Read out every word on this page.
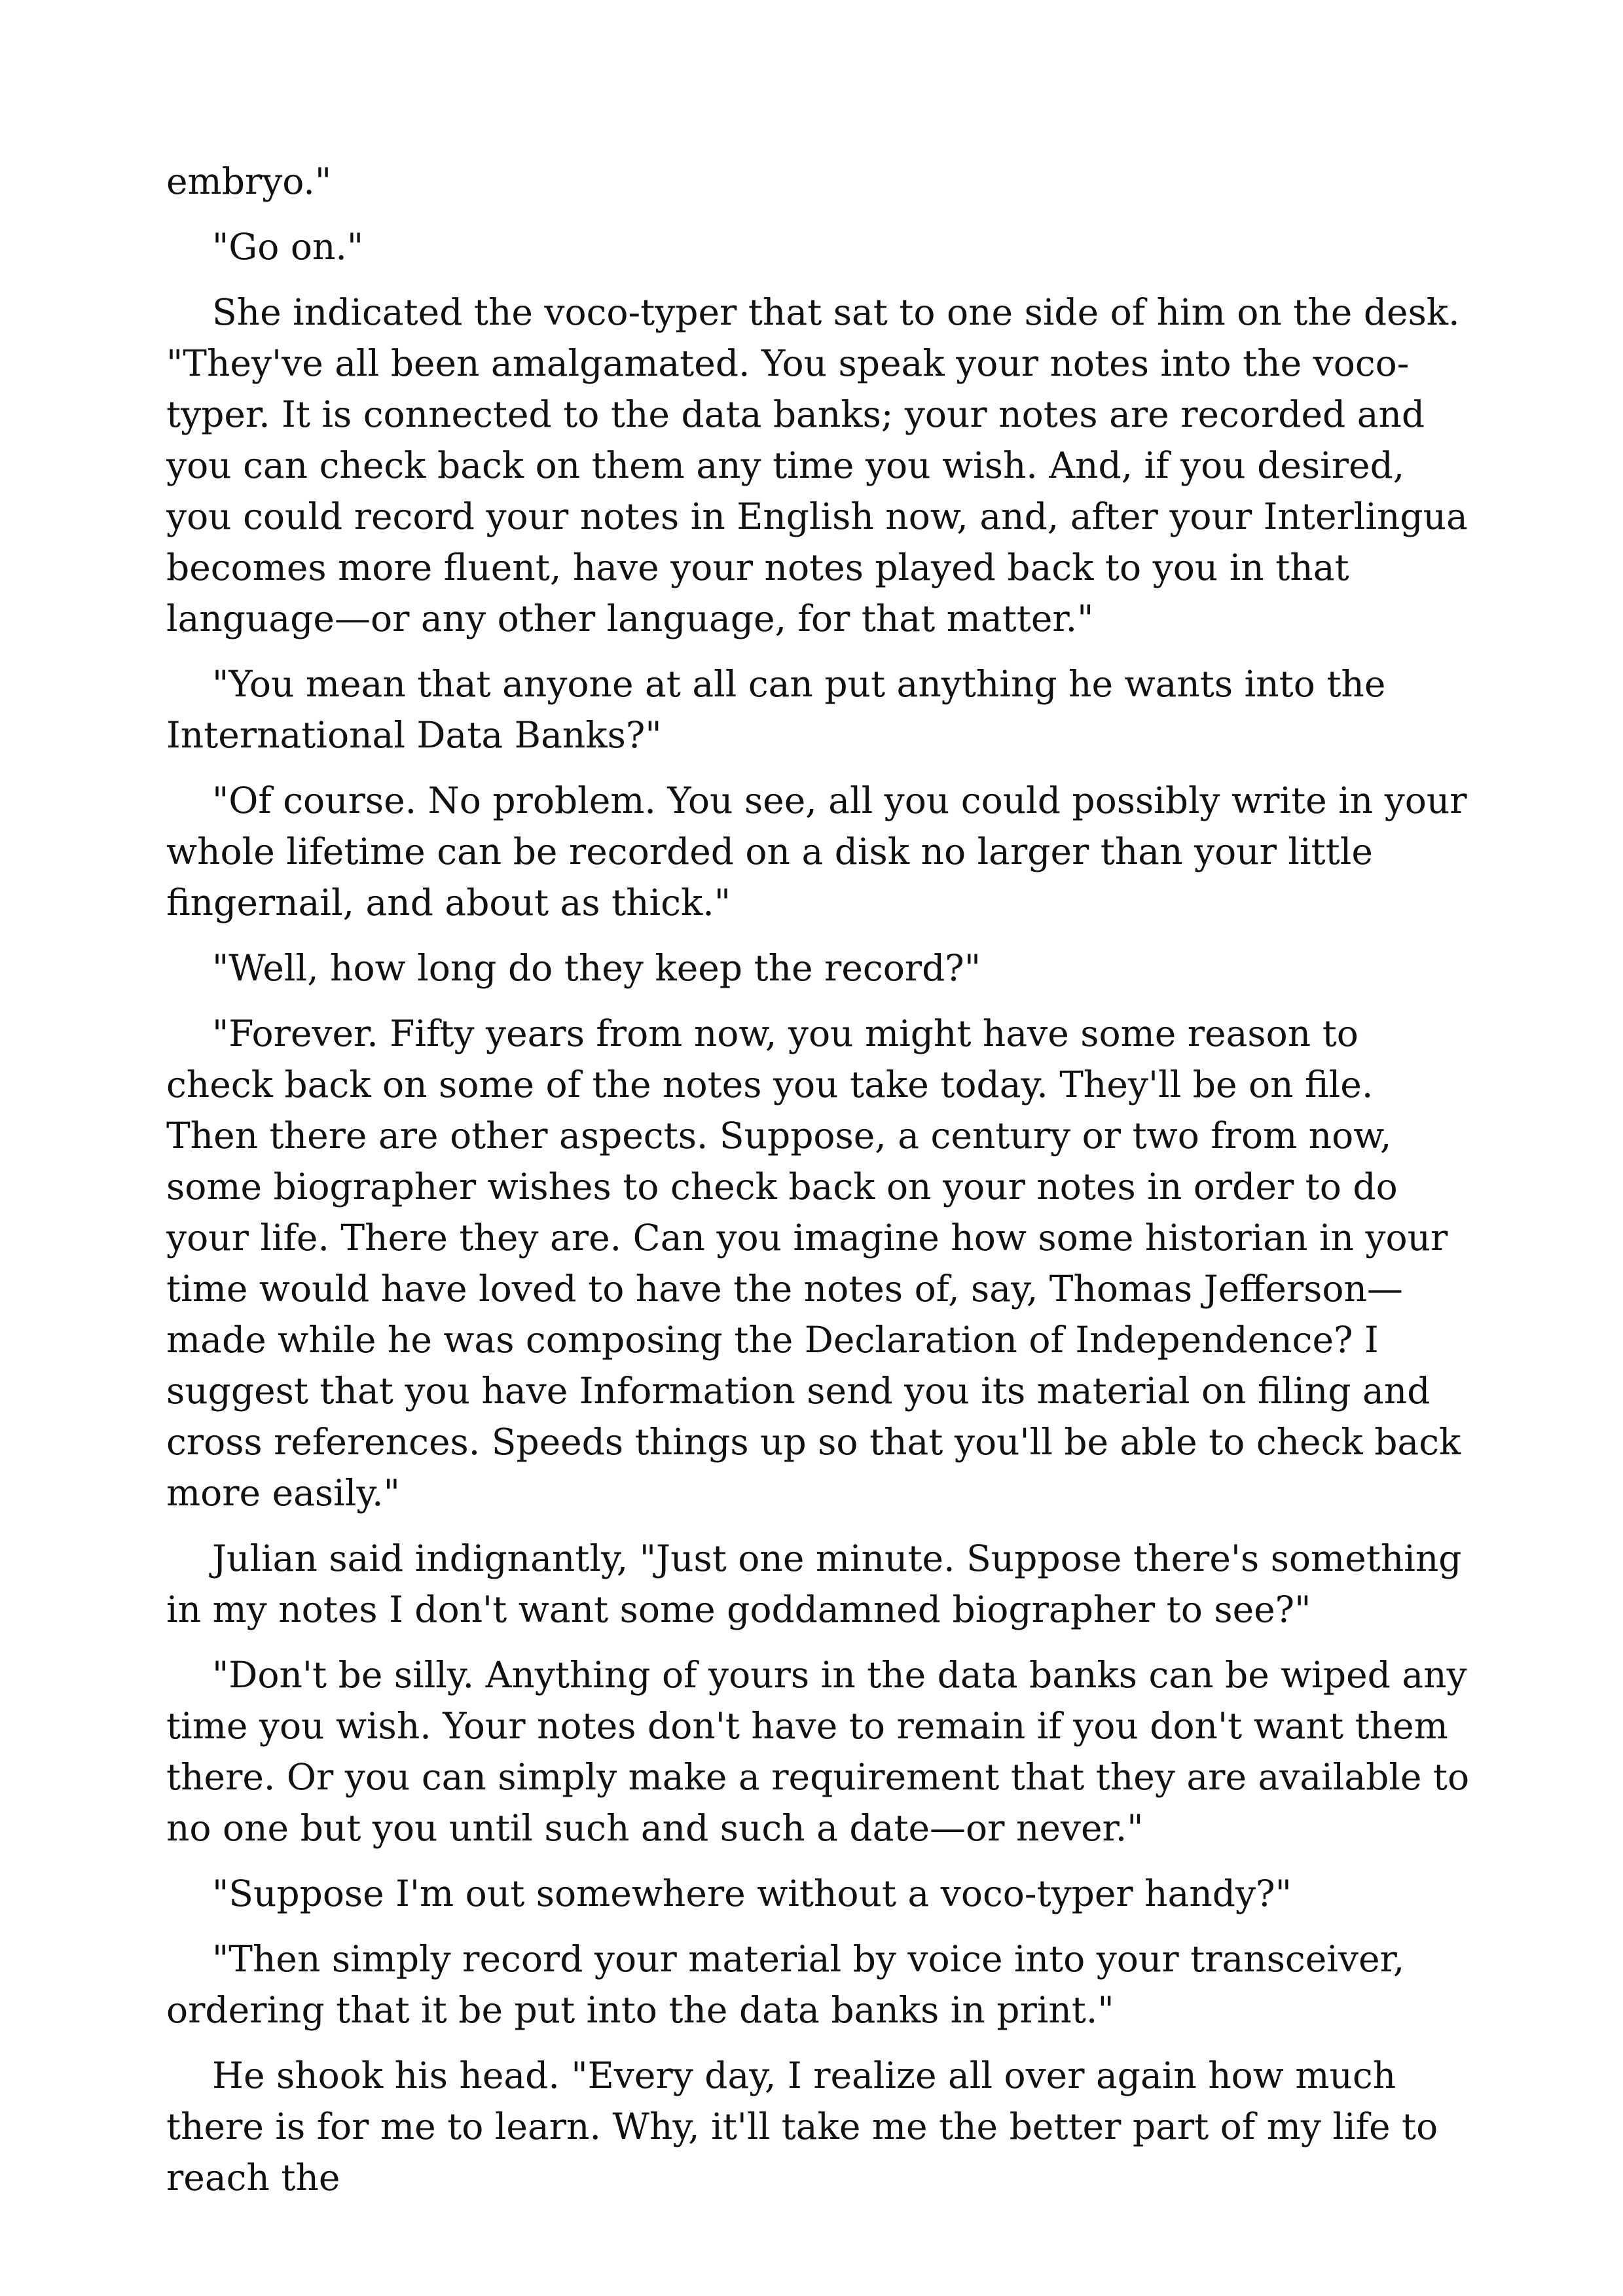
embryo."

"Go on."

She indicated the voco-typer that sat to one side of him on the desk. "They've all been amalgamated. You speak your notes into the voco-typer. It is connected to the data banks; your notes are recorded and you can check back on them any time you wish. And, if you desired, you could record your notes in English now, and, after your Interlingua becomes more fluent, have your notes played back to you in that language—or any other language, for that matter."

"You mean that anyone at all can put anything he wants into the International Data Banks?"

"Of course. No problem. You see, all you could possibly write in your whole lifetime can be recorded on a disk no larger than your little fingernail, and about as thick."

"Well, how long do they keep the record?"

"Forever. Fifty years from now, you might have some reason to check back on some of the notes you take today. They'll be on file. Then there are other aspects. Suppose, a century or two from now, some biographer wishes to check back on your notes in order to do your life. There they are. Can you imagine how some historian in your time would have loved to have the notes of, say, Thomas Jefferson—made while he was composing the Declaration of Independence? I suggest that you have Information send you its material on filing and cross references. Speeds things up so that you'll be able to check back more easily."

Julian said indignantly, "Just one minute. Suppose there's something in my notes I don't want some goddamned biographer to see?"

"Don't be silly. Anything of yours in the data banks can be wiped any time you wish. Your notes don't have to remain if you don't want them there. Or you can simply make a requirement that they are available to no one but you until such and such a date—or never."

"Suppose I'm out somewhere without a voco-typer handy?"

"Then simply record your material by voice into your transceiver, ordering that it be put into the data banks in print."

He shook his head. "Every day, I realize all over again how much there is for me to learn. Why, it'll take me the better part of my life to reach the
